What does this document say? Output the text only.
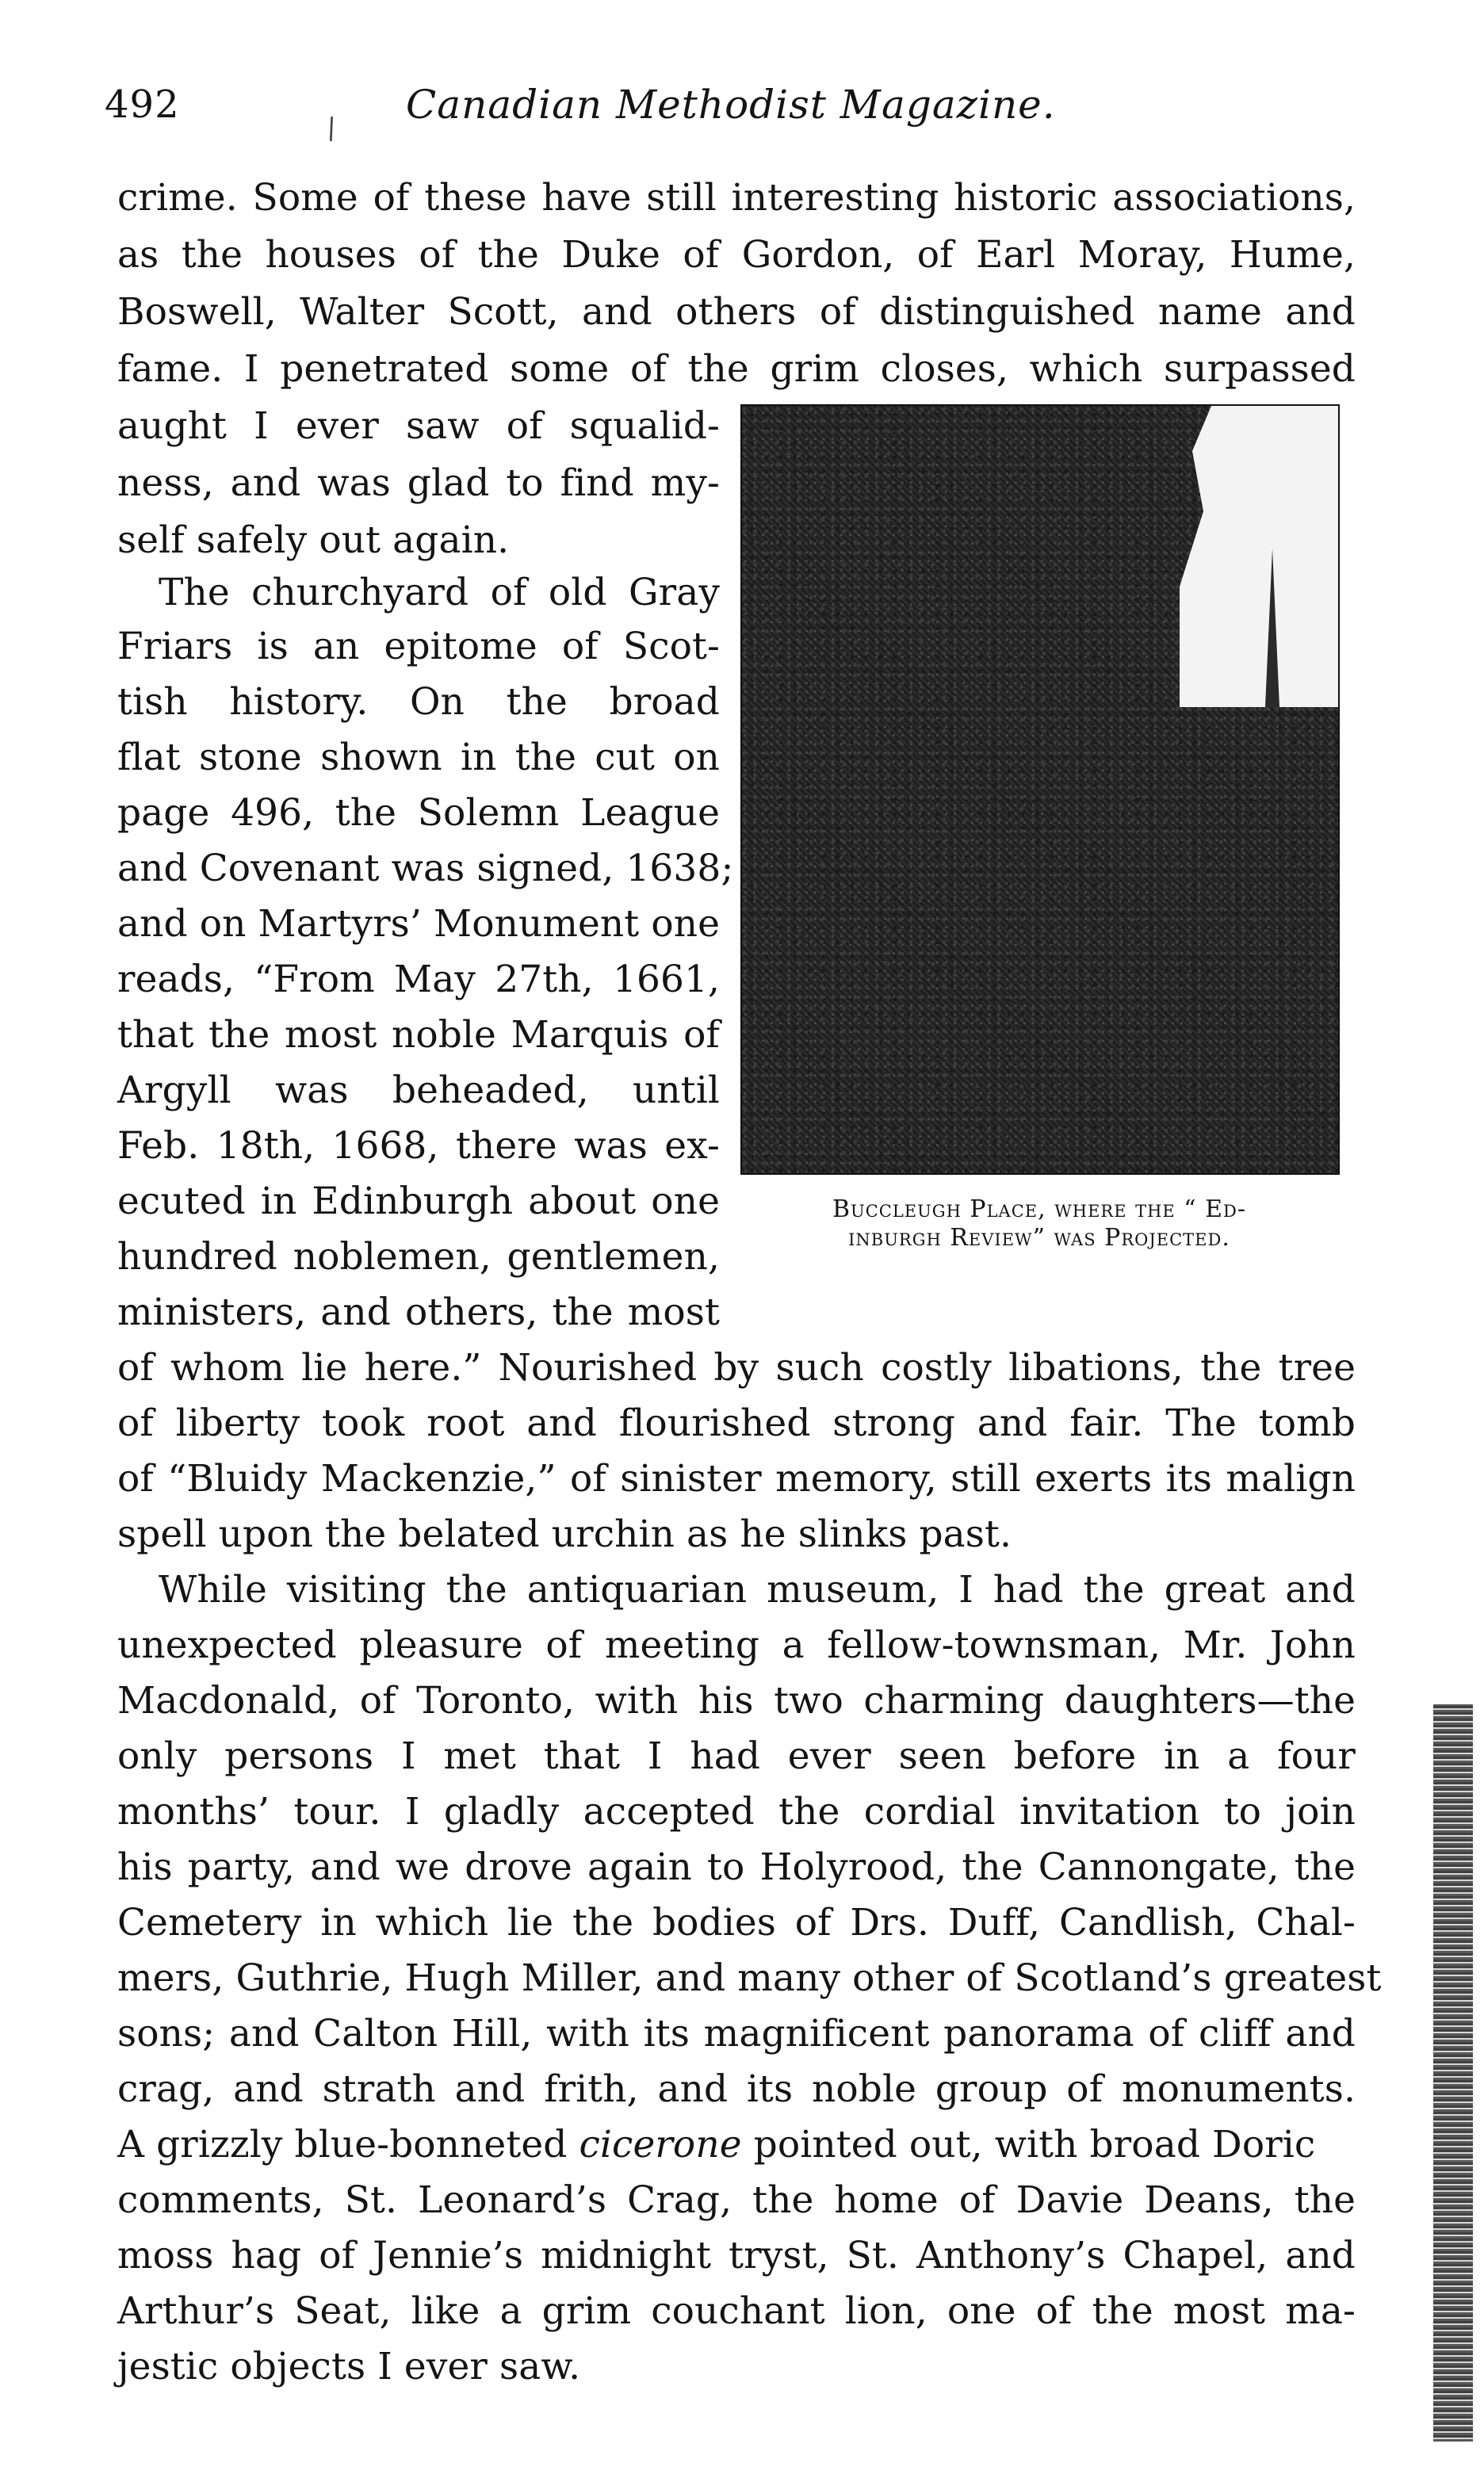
492
\
Canadian Methodist Magazine.
crime. Some of these have still interesting historic associations,
as the houses of the Duke of Gordon, of Earl Moray, Hume,
Boswell, Walter Scott, and others of distinguished name and
fame. I penetrated some of the grim closes, which surpassed
aught I ever saw of squalid-
ness, and was glad to find my-
self safely out again.
The churchyard of old Gray
Friars is an epitome of Scot-
tish history. On the broad
flat stone shown in the cut on
page 496, the Solemn League
and Covenant was signed, 1638;
and on Martyrs’ Monument one
reads, “From May 27th, 1661,
that the most noble Marquis of
Argyll was beheaded, until
Feb. 18th, 1668, there was ex-
ecuted in Edinburgh about one
hundred noblemen, gentlemen,
ministers, and others, the most
of whom lie here.” Nourished by such costly libations, the tree
of liberty took root and flourished strong and fair. The tomb
of “Bluidy Mackenzie,” of sinister memory, still exerts its malign
spell upon the belated urchin as he slinks past.
While visiting the antiquarian museum, I had the great and
unexpected pleasure of meeting a fellow-townsman, Mr. John
Macdonald, of Toronto, with his two charming daughters—the
only persons I met that I had ever seen before in a four
months’ tour. I gladly accepted the cordial invitation to join
his party, and we drove again to Holyrood, the Cannongate, the
Cemetery in which lie the bodies of Drs. Duff, Candlish, Chal-
mers, Guthrie, Hugh Miller, and many other of Scotland’s greatest
sons; and Calton Hill, with its magnificent panorama of cliff and
crag, and strath and frith, and its noble group of monuments.
A grizzly blue-bonneted cicerone pointed out, with broad Doric
comments, St. Leonard’s Crag, the home of Davie Deans, the
moss hag of Jennie’s midnight tryst, St. Anthony’s Chapel, and
Arthur’s Seat, like a grim couchant lion, one of the most ma-
jestic objects I ever saw.
Buccleugh Place, where the “ Ed-
inburgh Review” was Projected.
